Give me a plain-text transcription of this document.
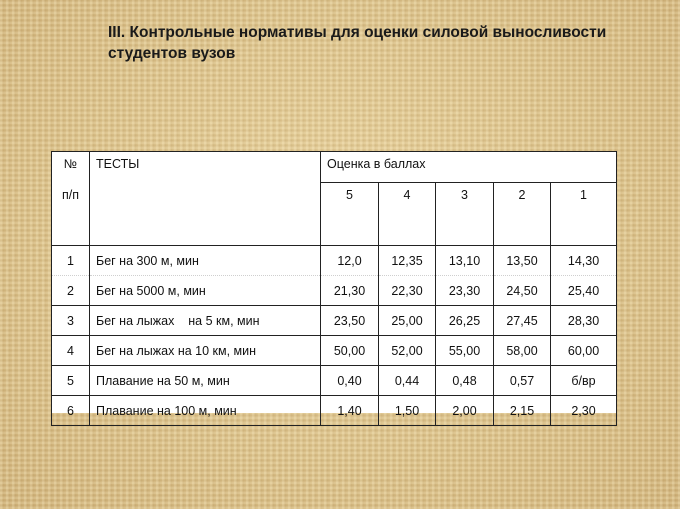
III. Контрольные нормативы для оценки силовой выносливости студентов вузов
№	ТЕСТЫ	Оценка в баллах				
п/п		5	4	3	2	1
1	Бег на 300 м, мин	12,0	12,35	13,10	13,50	14,30
2	Бег на 5000 м, мин	21,30	22,30	23,30	24,50	25,40
3	Бег на лыжах    на 5 км, мин	23,50	25,00	26,25	27,45	28,30
4	Бег на лыжах на 10 км, мин	50,00	52,00	55,00	58,00	60,00
5	Плавание на 50 м, мин	0,40	0,44	0,48	0,57	б/вр
6	Плавание на 100 м, мин	1,40	1,50	2,00	2,15	2,30
